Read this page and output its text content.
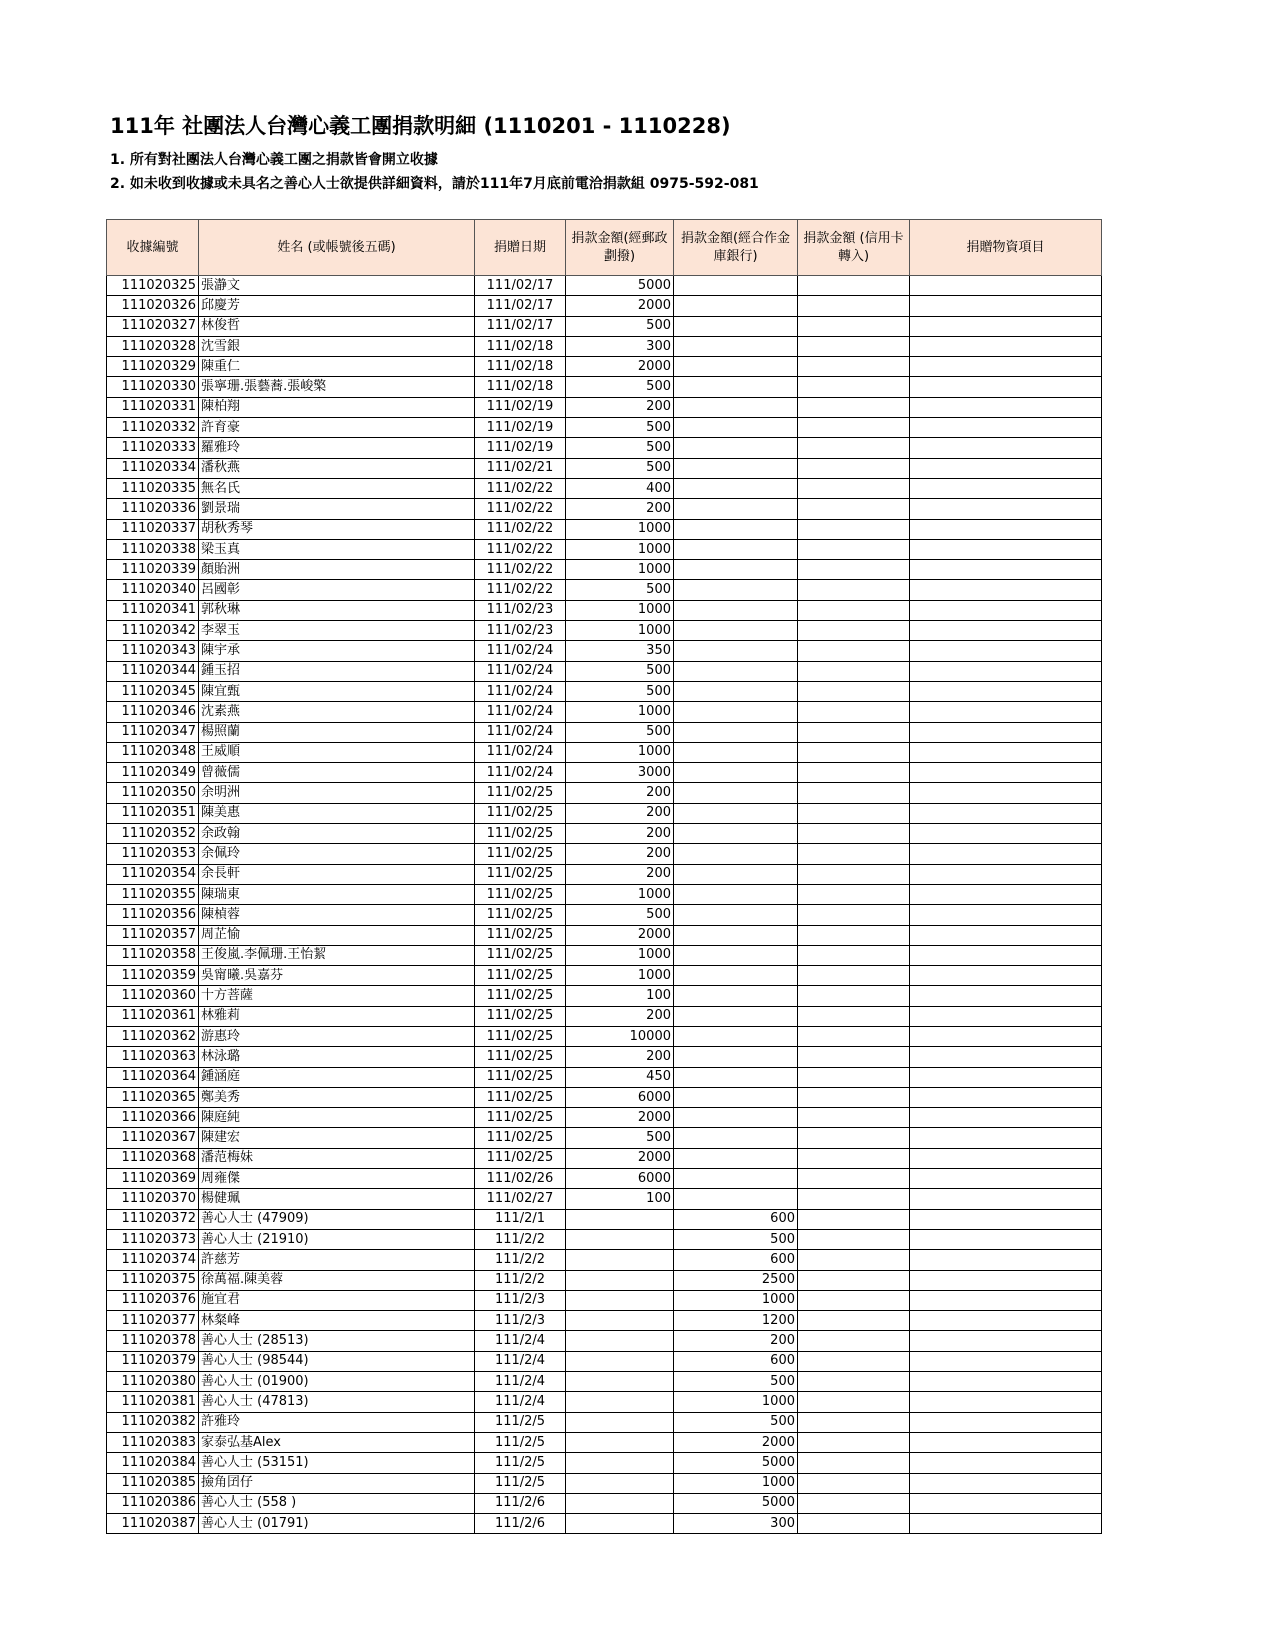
111年 社團法人台灣心義工團捐款明細 (1110201 - 1110228)
1. 所有對社團法人台灣心義工團之捐款皆會開立收據
2. 如未收到收據或未具名之善心人士欲提供詳細資料，請於111年7月底前電洽捐款組 0975-592-081
收據編號	姓名 (或帳號後五碼)	捐贈日期	捐款金額(經郵政劃撥)	捐款金額(經合作金庫銀行)	捐款金額 (信用卡轉入)	捐贈物資項目
111020325	張瀞文	111/02/17	5000			
111020326	邱慶芳	111/02/17	2000			
111020327	林俊哲	111/02/17	500			
111020328	沈雪銀	111/02/18	300			
111020329	陳重仁	111/02/18	2000			
111020330	張寧珊.張藝蕎.張峻檠	111/02/18	500			
111020331	陳柏翔	111/02/19	200			
111020332	許育豪	111/02/19	500			
111020333	羅雅玲	111/02/19	500			
111020334	潘秋燕	111/02/21	500			
111020335	無名氏	111/02/22	400			
111020336	劉景瑞	111/02/22	200			
111020337	胡秋秀琴	111/02/22	1000			
111020338	梁玉真	111/02/22	1000			
111020339	顏貽洲	111/02/22	1000			
111020340	呂國彰	111/02/22	500			
111020341	郭秋琳	111/02/23	1000			
111020342	李翠玉	111/02/23	1000			
111020343	陳宇承	111/02/24	350			
111020344	鍾玉招	111/02/24	500			
111020345	陳宜甄	111/02/24	500			
111020346	沈素燕	111/02/24	1000			
111020347	楊照蘭	111/02/24	500			
111020348	王威順	111/02/24	1000			
111020349	曾薇儒	111/02/24	3000			
111020350	余明洲	111/02/25	200			
111020351	陳美惠	111/02/25	200			
111020352	余政翰	111/02/25	200			
111020353	余佩玲	111/02/25	200			
111020354	余長軒	111/02/25	200			
111020355	陳瑞東	111/02/25	1000			
111020356	陳楨蓉	111/02/25	500			
111020357	周芷愉	111/02/25	2000			
111020358	王俊嵐.李佩珊.王怡絜	111/02/25	1000			
111020359	吳甯曦.吳嘉芬	111/02/25	1000			
111020360	十方菩薩	111/02/25	100			
111020361	林雅莉	111/02/25	200			
111020362	游惠玲	111/02/25	10000			
111020363	林泳璐	111/02/25	200			
111020364	鍾涵庭	111/02/25	450			
111020365	鄭美秀	111/02/25	6000			
111020366	陳庭純	111/02/25	2000			
111020367	陳建宏	111/02/25	500			
111020368	潘范梅妹	111/02/25	2000			
111020369	周雍傑	111/02/26	6000			
111020370	楊健珮	111/02/27	100			
111020372	善心人士 (47909)	111/2/1		600		
111020373	善心人士 (21910)	111/2/2		500		
111020374	許慈芳	111/2/2		600		
111020375	徐萬福.陳美蓉	111/2/2		2500		
111020376	施宜君	111/2/3		1000		
111020377	林粲峰	111/2/3		1200		
111020378	善心人士 (28513)	111/2/4		200		
111020379	善心人士 (98544)	111/2/4		600		
111020380	善心人士 (01900)	111/2/4		500		
111020381	善心人士 (47813)	111/2/4		1000		
111020382	許雅玲	111/2/5		500		
111020383	家泰弘基Alex	111/2/5		2000		
111020384	善心人士 (53151)	111/2/5		5000		
111020385	撿角囝仔	111/2/5		1000		
111020386	善心人士 (558 )	111/2/6		5000		
111020387	善心人士 (01791)	111/2/6		300		
